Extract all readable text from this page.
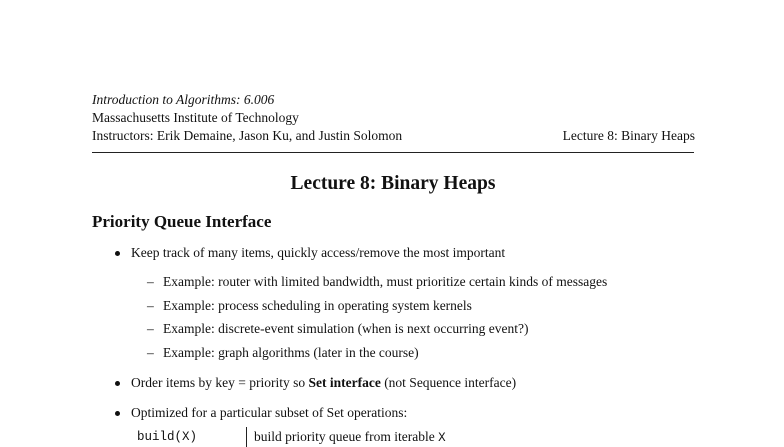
Introduction to Algorithms: 6.006
Massachusetts Institute of Technology
Instructors: Erik Demaine, Jason Ku, and Justin Solomon	Lecture 8: Binary Heaps
Lecture 8: Binary Heaps
Priority Queue Interface
Keep track of many items, quickly access/remove the most important
– Example: router with limited bandwidth, must prioritize certain kinds of messages
– Example: process scheduling in operating system kernels
– Example: discrete-event simulation (when is next occurring event?)
– Example: graph algorithms (later in the course)
Order items by key = priority so Set interface (not Sequence interface)
Optimized for a particular subset of Set operations:
build(X)	build priority queue from iterable X
